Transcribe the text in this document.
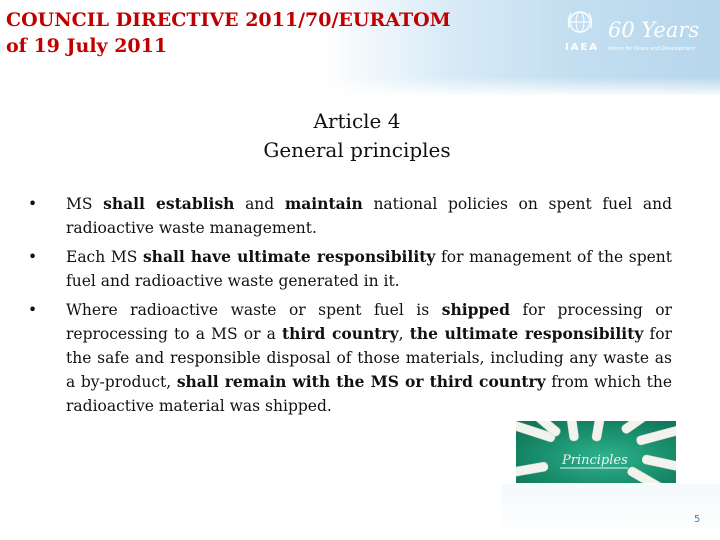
COUNCIL DIRECTIVE 2011/70/EURATOM
of 19 July 2011	IAEA
60 Years
Atoms for Peace and Development
Article 4
General principles
• MS shall establish and maintain national policies on spent fuel and radioactive waste management.
• Each MS shall have ultimate responsibility for management of the spent fuel and radioactive waste generated in it.
• Where radioactive waste or spent fuel is shipped for processing or reprocessing to a MS or a third country, the ultimate responsibility for the safe and responsible disposal of those materials, including any waste as a by-product, shall remain with the MS or third country from which the radioactive material was shipped.
Principles
5
